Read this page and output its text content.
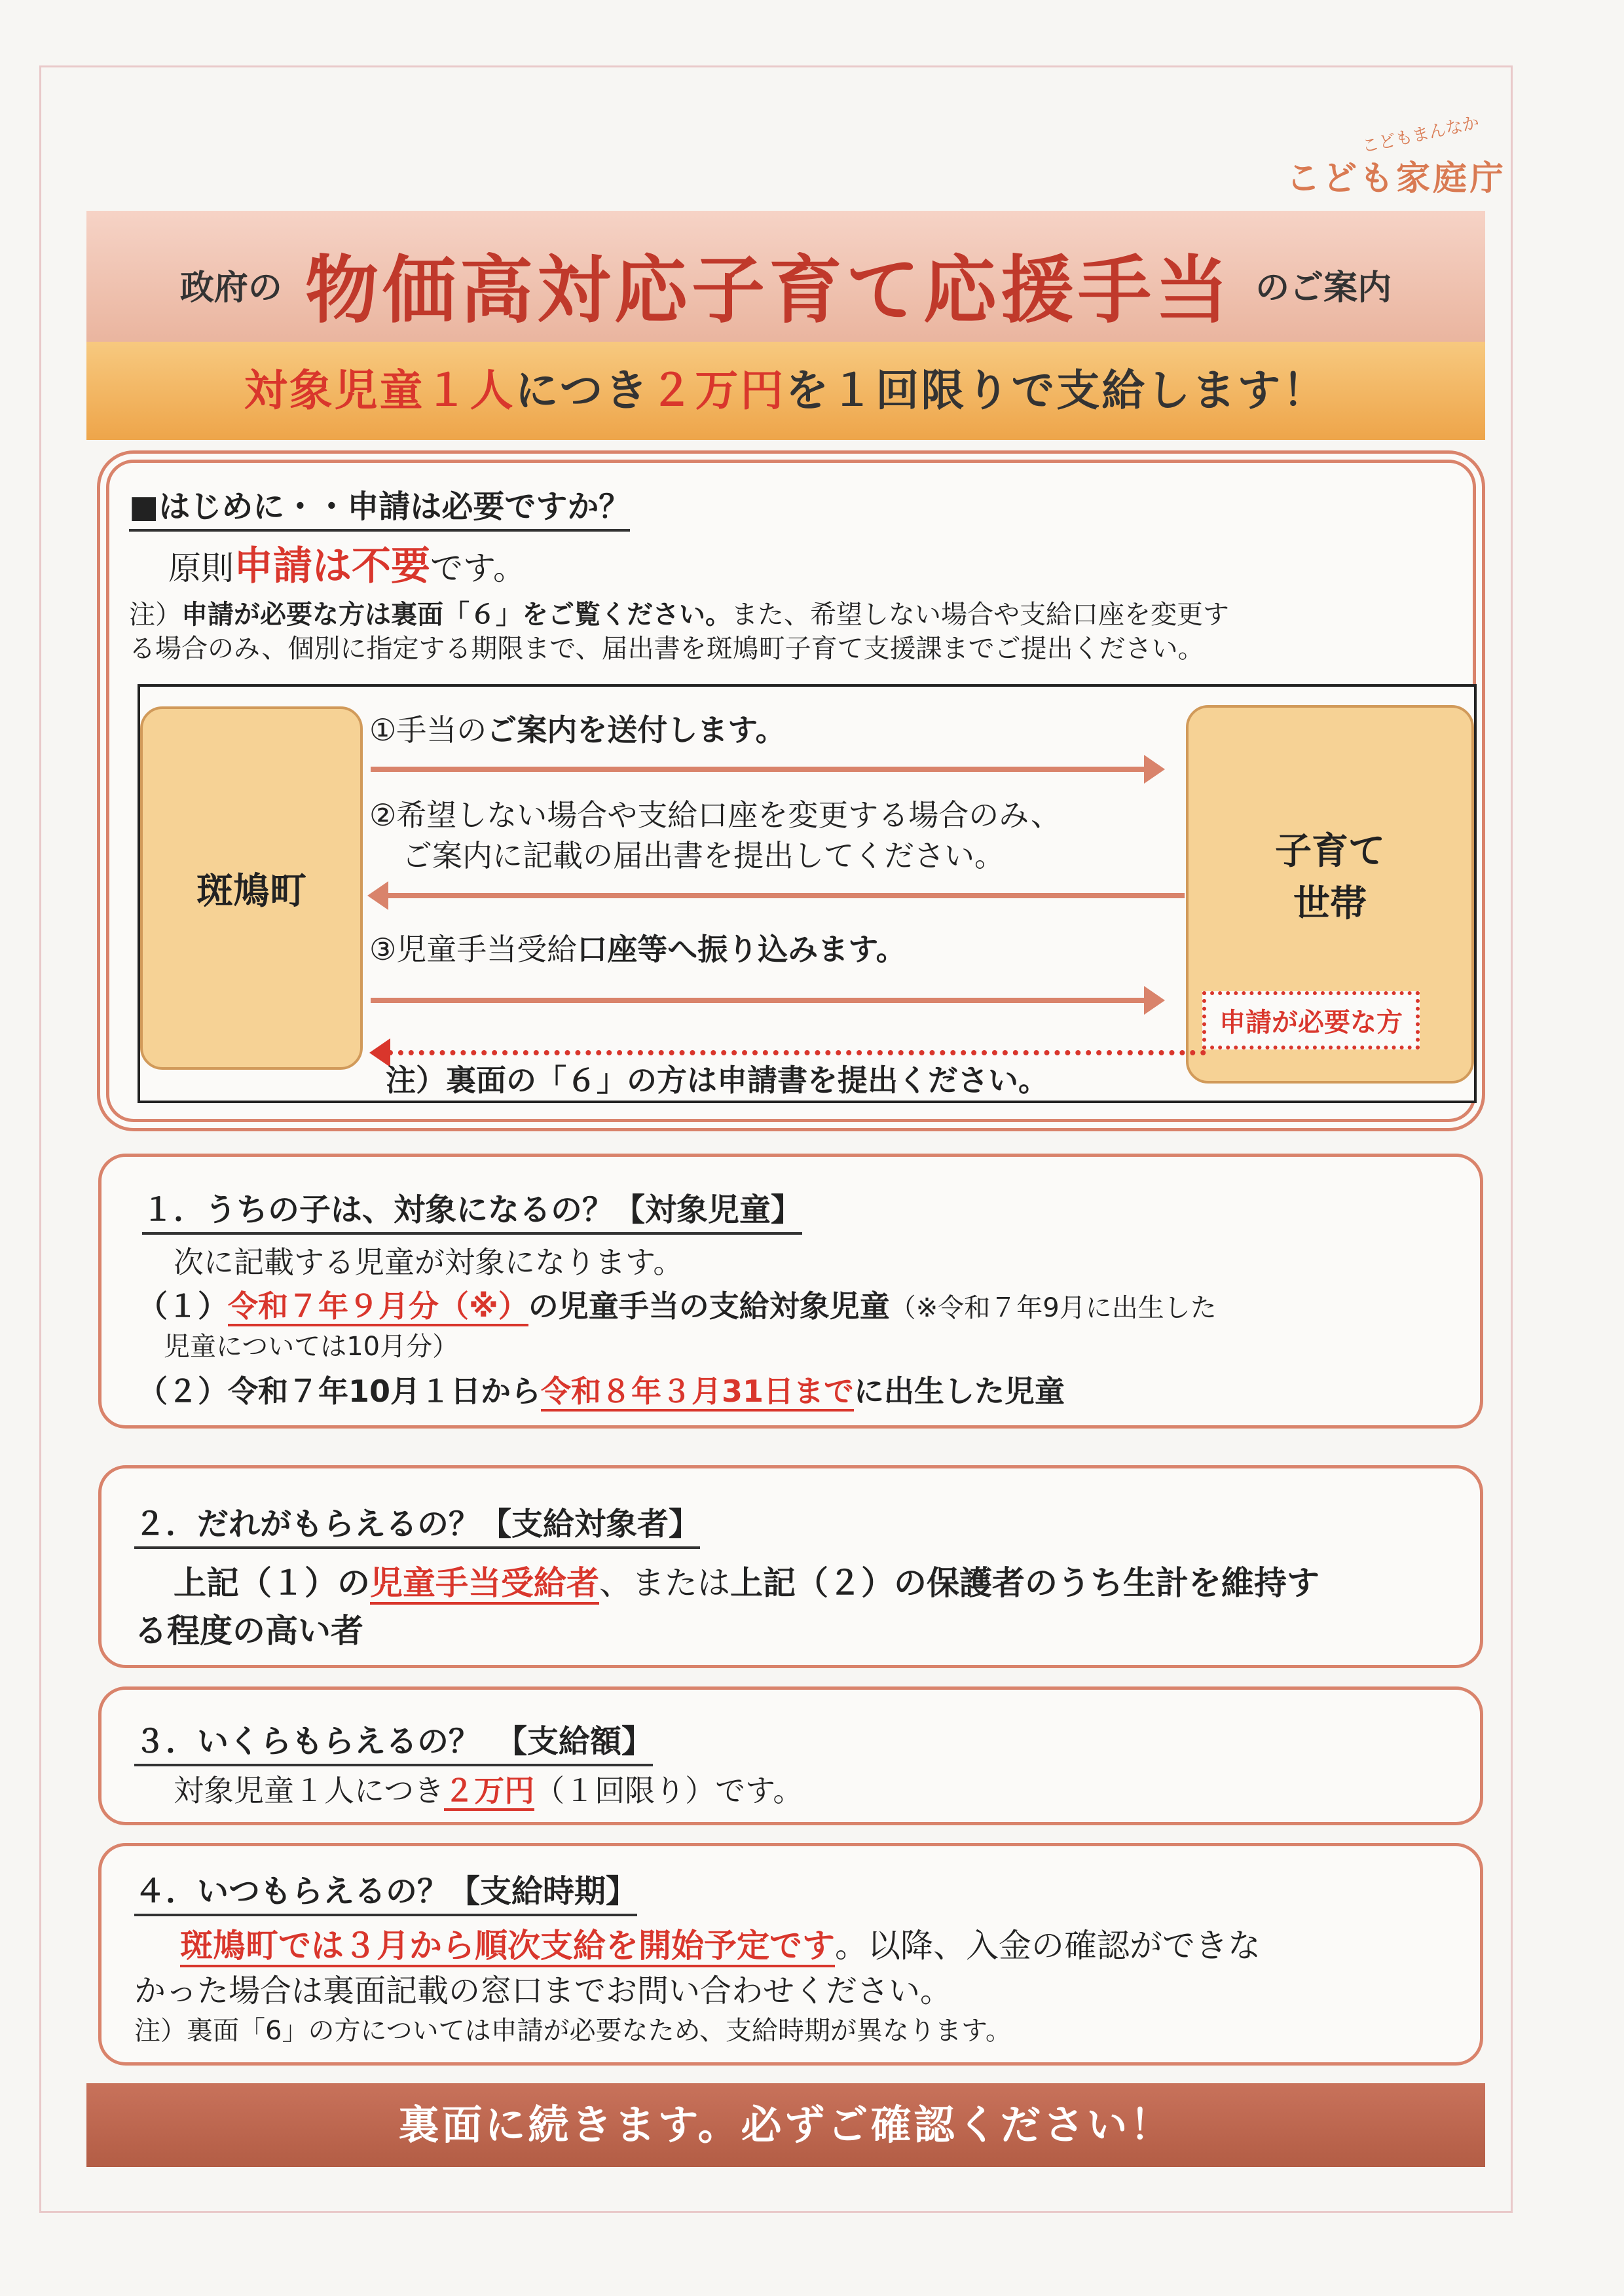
こどもまんなか
こども家庭庁
政府の 物価高対応子育て応援手当 のご案内
対象児童１人につき２万円を１回限りで支給します！
■はじめに・・申請は必要ですか？
原則申請は不要です。
注）申請が必要な方は裏面「６」をご覧ください。また、希望しない場合や支給口座を変更す
る場合のみ、個別に指定する期限まで、届出書を斑鳩町子育て支援課までご提出ください。
斑鳩町
子育て
世帯
①手当のご案内を送付します。
②希望しない場合や支給口座を変更する場合のみ、
ご案内に記載の届出書を提出してください。
③児童手当受給口座等へ振り込みます。
申請が必要な方
注）裏面の「６」の方は申請書を提出ください。
１．うちの子は、対象になるの？【対象児童】
次に記載する児童が対象になります。
（１）令和７年９月分（※）の児童手当の支給対象児童（※令和７年9月に出生した
児童については10月分）
（２）令和７年10月１日から令和８年３月31日までに出生した児童
２．だれがもらえるの？【支給対象者】
上記（１）の児童手当受給者、または上記（２）の保護者のうち生計を維持す
る程度の高い者
３．いくらもらえるの？　【支給額】
対象児童１人につき２万円（１回限り）です。
４．いつもらえるの？【支給時期】
斑鳩町では３月から順次支給を開始予定です。以降、入金の確認ができな
かった場合は裏面記載の窓口までお問い合わせください。
注）裏面「6」の方については申請が必要なため、支給時期が異なります。
裏面に続きます。必ずご確認ください！
